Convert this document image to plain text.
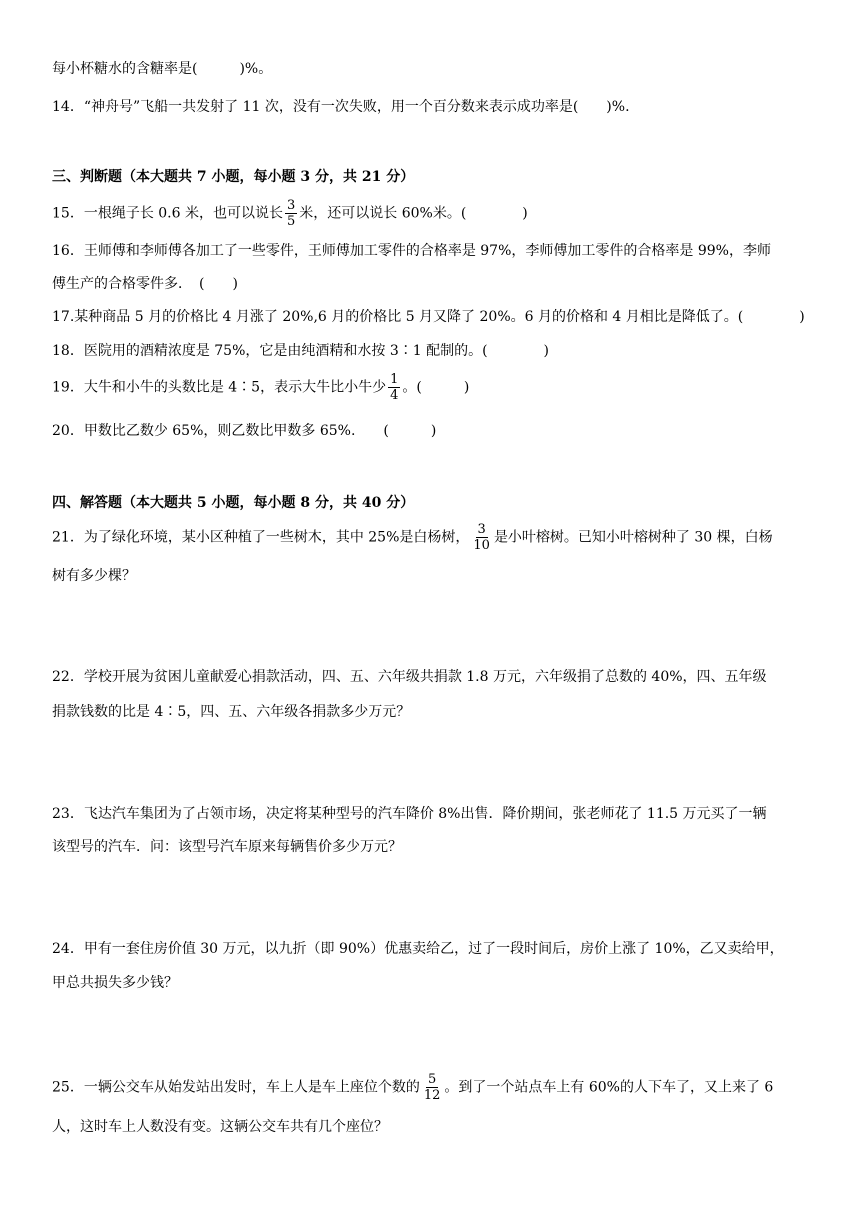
每小杯糖水的含糖率是(　　　)%。
14．“神舟号”飞船一共发射了 11 次，没有一次失败，用一个百分数来表示成功率是(　　)%.
三、判断题（本大题共 7 小题，每小题 3 分，共 21 分）
15．一根绳子长 0.6 米，也可以说长 $\frac{3}{5}$ 米，还可以说长 60%米。(　　　　)
16．王师傅和李师傅各加工了一些零件，王师傅加工零件的合格率是 97%，李师傅加工零件的合格率是 99%，李师
傅生产的合格零件多．　(　　)
17.某种商品 5 月的价格比 4 月涨了 20%,6 月的价格比 5 月又降了 20%。6 月的价格和 4 月相比是降低了。(　　　　)
18．医院用的酒精浓度是 75%，它是由纯酒精和水按 3∶1 配制的。(　　　　)
19．大牛和小牛的头数比是 4∶5，表示大牛比小牛少 $\frac{1}{4}$ 。(　　　)
20．甲数比乙数少 65%，则乙数比甲数多 65%.　　(　　　)
四、解答题（本大题共 5 小题，每小题 8 分，共 40 分）
21．为了绿化环境，某小区种植了一些树木，其中 25%是白杨树， $\frac{3}{10}$ 是小叶榕树。已知小叶榕树种了 30 棵，白杨
树有多少棵？
22．学校开展为贫困儿童献爱心捐款活动，四、五、六年级共捐款 1.8 万元，六年级捐了总数的 40%，四、五年级
捐款钱数的比是 4∶5，四、五、六年级各捐款多少万元？
23．飞达汽车集团为了占领市场，决定将某种型号的汽车降价 8%出售．降价期间，张老师花了 11.5 万元买了一辆
该型号的汽车．问：该型号汽车原来每辆售价多少万元？
24．甲有一套住房价值 30 万元，以九折（即 90%）优惠卖给乙，过了一段时间后，房价上涨了 10%，乙又卖给甲，
甲总共损失多少钱？
25．一辆公交车从始发站出发时，车上人是车上座位个数的 $\frac{5}{12}$ 。到了一个站点车上有 60%的人下车了，又上来了 6
人，这时车上人数没有变。这辆公交车共有几个座位？
